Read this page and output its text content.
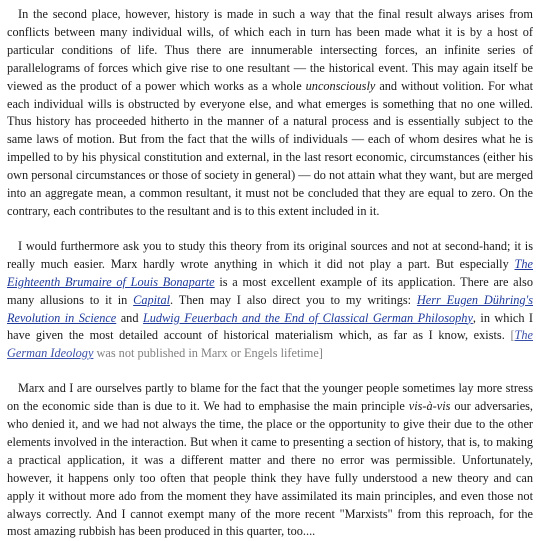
In the second place, however, history is made in such a way that the final result always arises from conflicts between many individual wills, of which each in turn has been made what it is by a host of particular conditions of life. Thus there are innumerable intersecting forces, an infinite series of parallelograms of forces which give rise to one resultant — the historical event. This may again itself be viewed as the product of a power which works as a whole unconsciously and without volition. For what each individual wills is obstructed by everyone else, and what emerges is something that no one willed. Thus history has proceeded hitherto in the manner of a natural process and is essentially subject to the same laws of motion. But from the fact that the wills of individuals — each of whom desires what he is impelled to by his physical constitution and external, in the last resort economic, circumstances (either his own personal circumstances or those of society in general) — do not attain what they want, but are merged into an aggregate mean, a common resultant, it must not be concluded that they are equal to zero. On the contrary, each contributes to the resultant and is to this extent included in it.

I would furthermore ask you to study this theory from its original sources and not at second-hand; it is really much easier. Marx hardly wrote anything in which it did not play a part. But especially The Eighteenth Brumaire of Louis Bonaparte is a most excellent example of its application. There are also many allusions to it in Capital. Then may I also direct you to my writings: Herr Eugen Dühring's Revolution in Science and Ludwig Feuerbach and the End of Classical German Philosophy, in which I have given the most detailed account of historical materialism which, as far as I know, exists. [The German Ideology was not published in Marx or Engels lifetime]

Marx and I are ourselves partly to blame for the fact that the younger people sometimes lay more stress on the economic side than is due to it. We had to emphasise the main principle vis-à-vis our adversaries, who denied it, and we had not always the time, the place or the opportunity to give their due to the other elements involved in the interaction. But when it came to presenting a section of history, that is, to making a practical application, it was a different matter and there no error was permissible. Unfortunately, however, it happens only too often that people think they have fully understood a new theory and can apply it without more ado from the moment they have assimilated its main principles, and even those not always correctly. And I cannot exempt many of the more recent "Marxists" from this reproach, for the most amazing rubbish has been produced in this quarter, too....
